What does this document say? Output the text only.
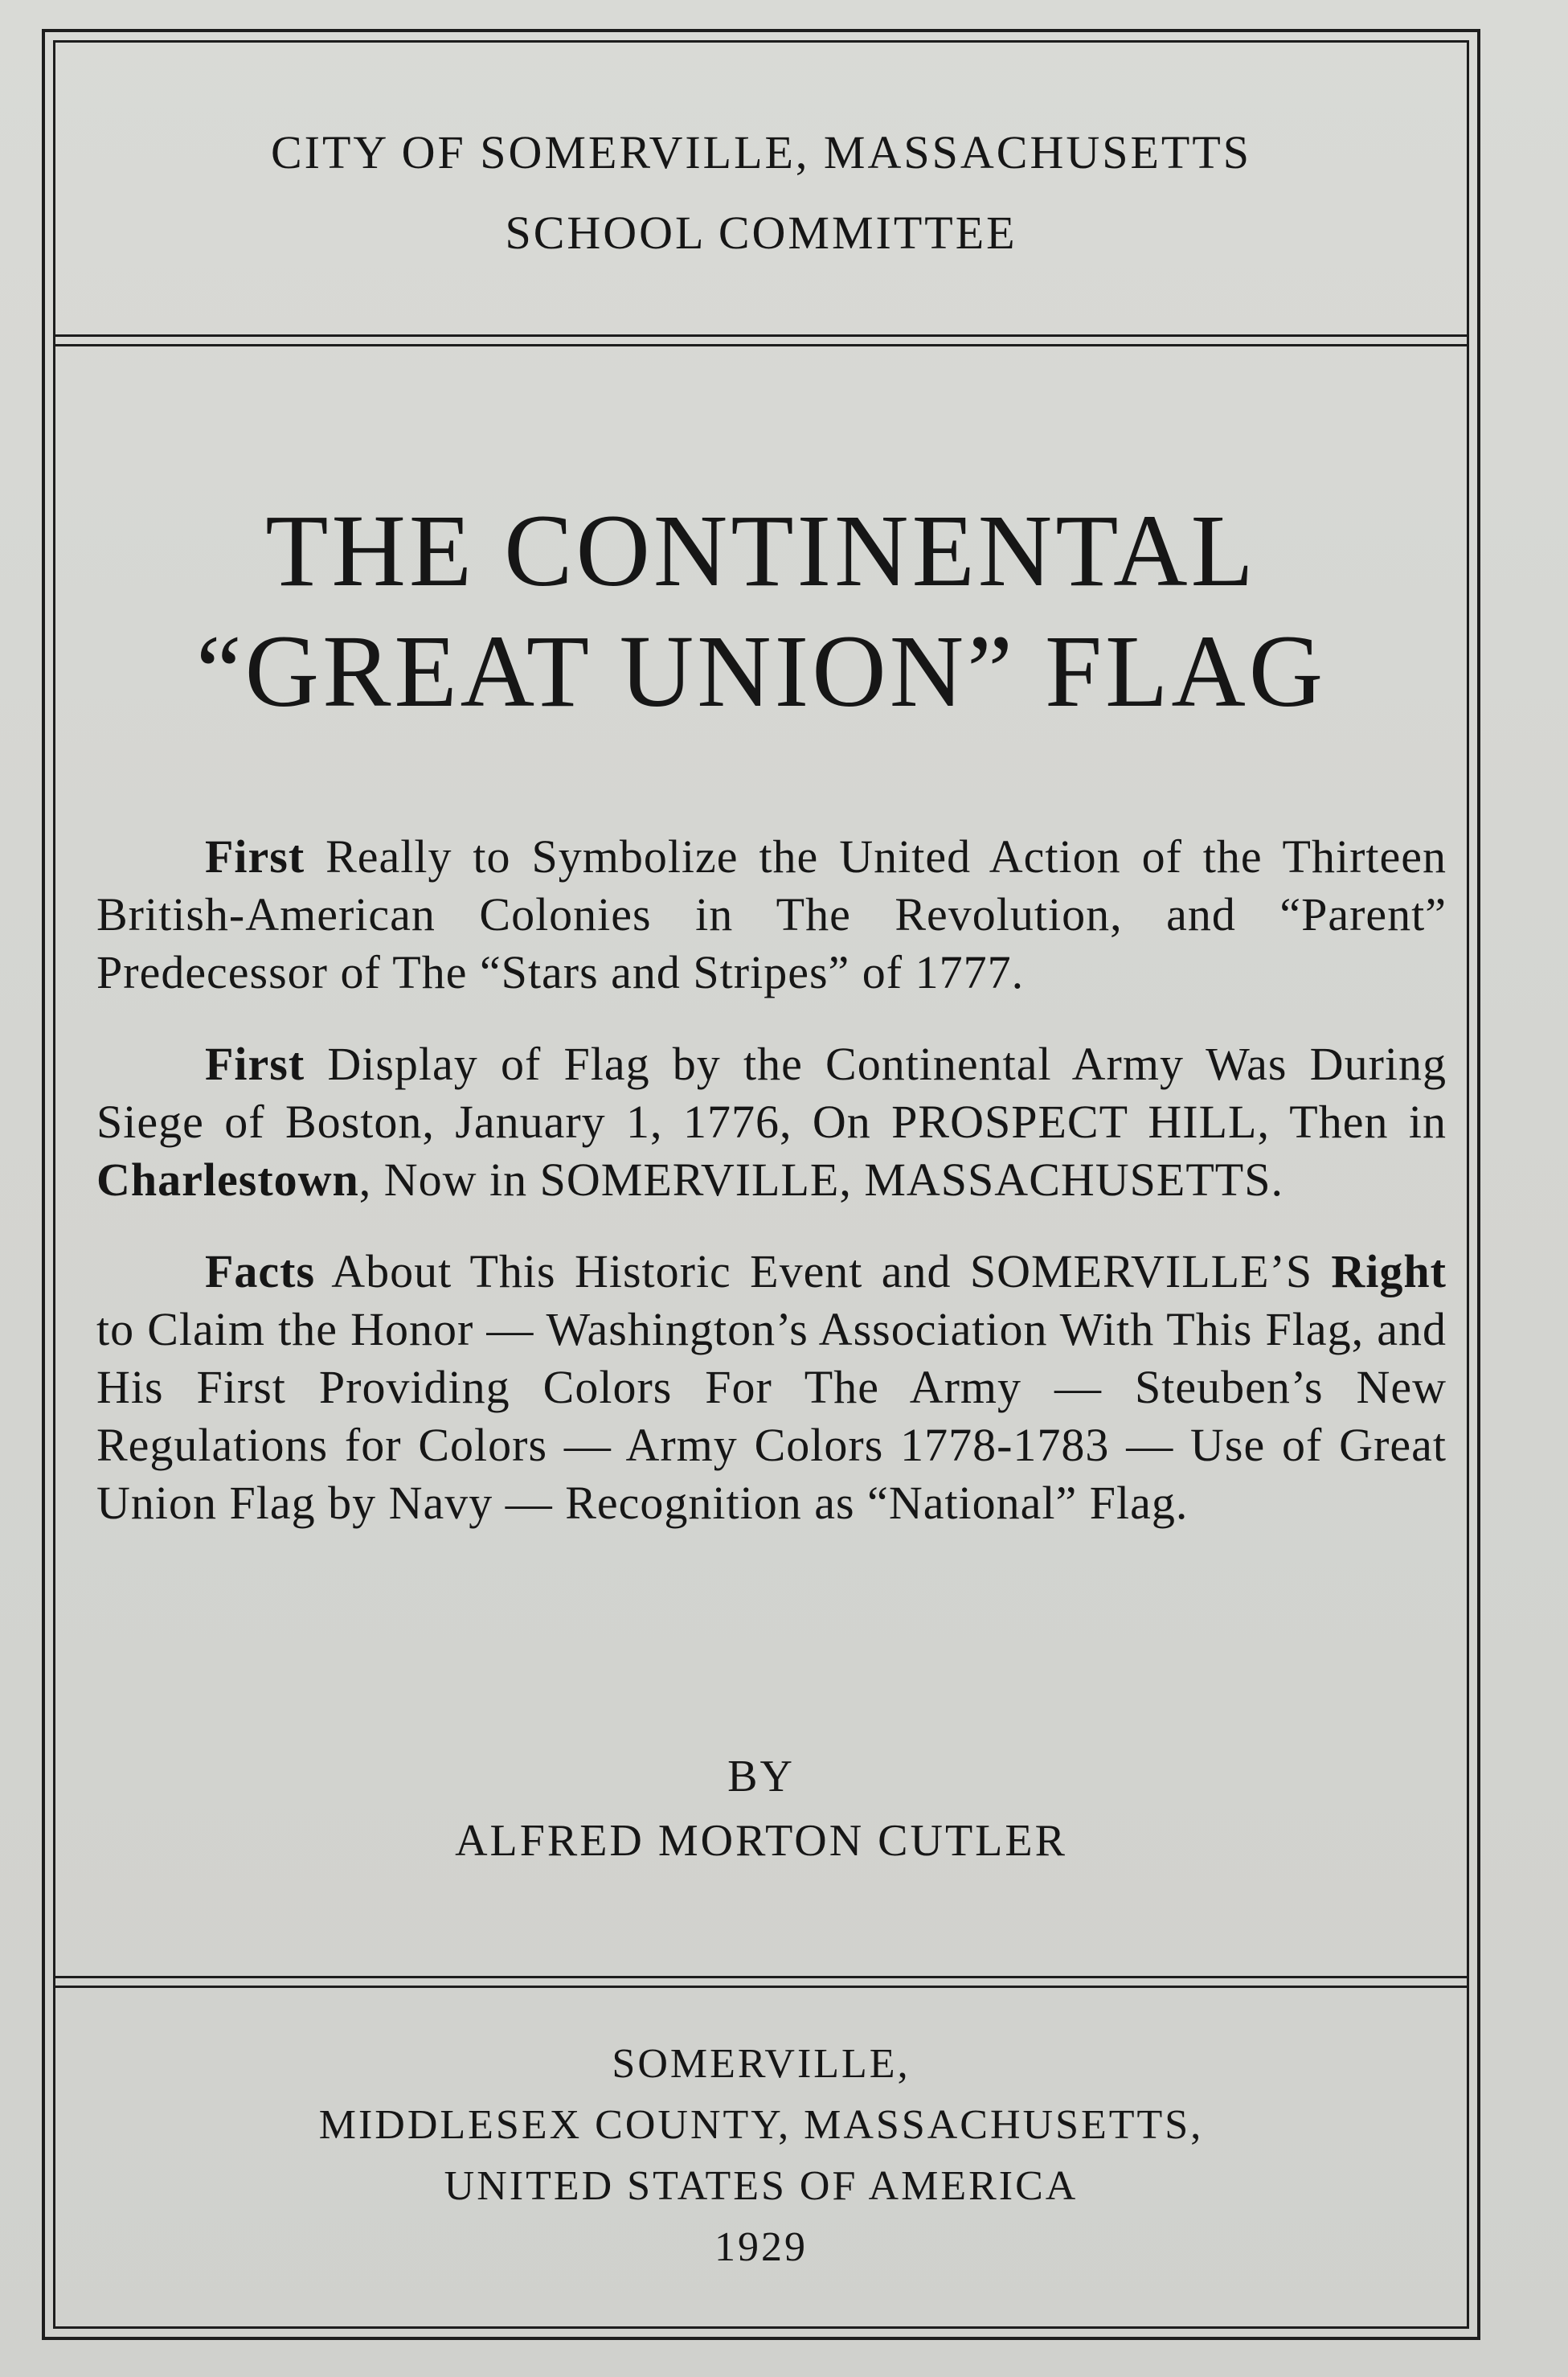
CITY OF SOMERVILLE, MASSACHUSETTS
SCHOOL COMMITTEE
THE CONTINENTAL
“GREAT UNION” FLAG

First Really to Symbolize the United Action of the Thirteen British-American Colonies in The Revolution, and “Parent” Predecessor of The “Stars and Stripes” of 1777.

First Display of Flag by the Continental Army Was During Siege of Boston, January 1, 1776, On PROSPECT HILL, Then in Charlestown, Now in SOMERVILLE, MASSACHUSETTS.

Facts About This Historic Event and SOMERVILLE’S Right to Claim the Honor — Washington’s Association With This Flag, and His First Providing Colors For The Army — Steuben’s New Regulations for Colors — Army Colors 1778-1783 — Use of Great Union Flag by Navy — Recognition as “National” Flag.

BY
ALFRED MORTON CUTLER
SOMERVILLE,
MIDDLESEX COUNTY, MASSACHUSETTS,
UNITED STATES OF AMERICA
1929
